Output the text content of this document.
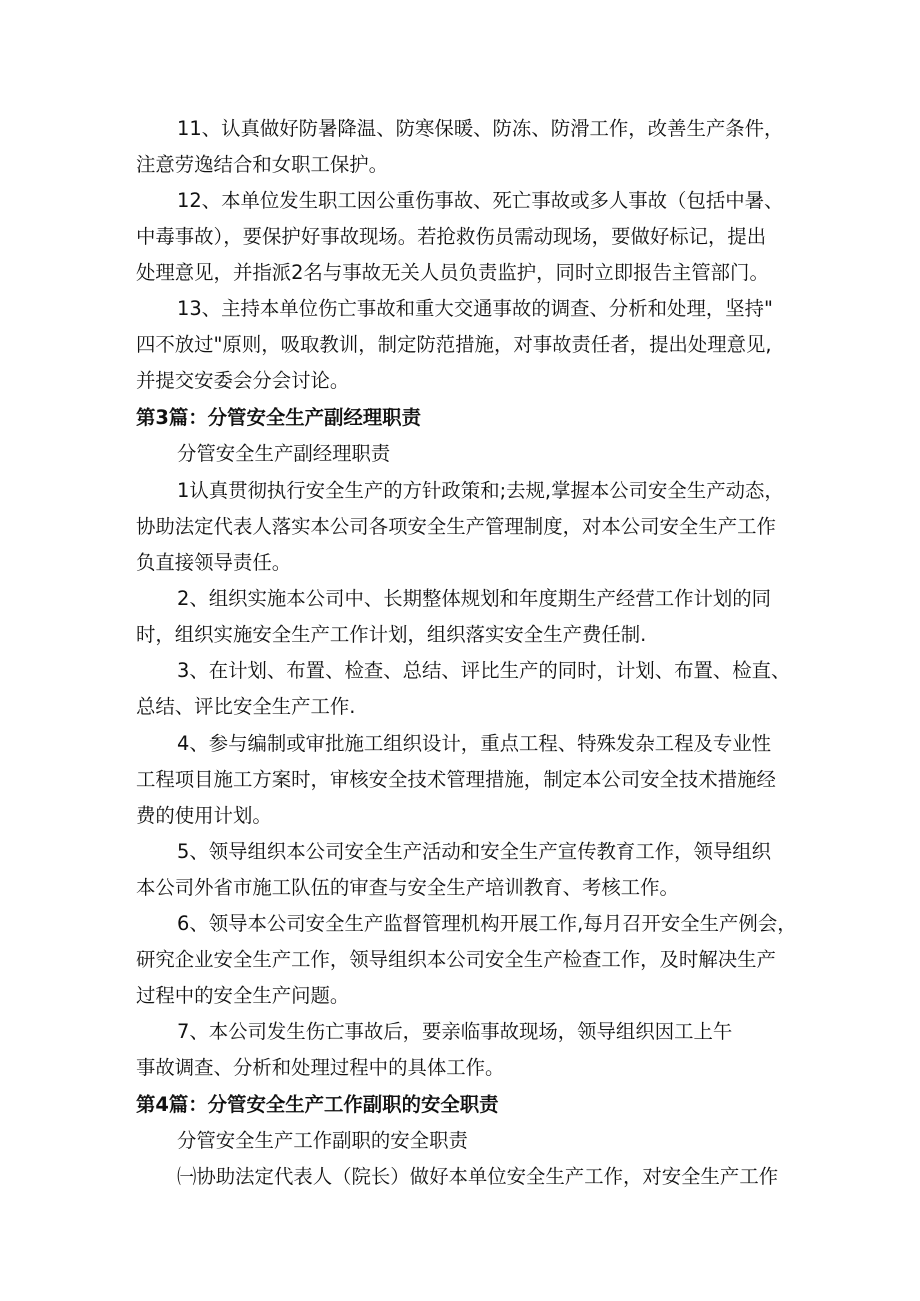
11、认真做好防暑降温、防寒保暖、防冻、防滑工作，改善生产条件，
注意劳逸结合和女职工保护。
12、本单位发生职工因公重伤事故、死亡事故或多人事故（包括中暑、
中毒事故），要保护好事故现场。若抢救伤员需动现场，要做好标记，提出
处理意见，并指派2名与事故无关人员负责监护，同时立即报告主管部门。
13、主持本单位伤亡事故和重大交通事故的调查、分析和处理，坚持"
四不放过"原则，吸取教训，制定防范措施，对事故责任者，提出处理意见,
并提交安委会分会讨论。
第3篇：分管安全生产副经理职责
分管安全生产副经理职责
1认真贯彻执行安全生产的方针政策和;去规,掌握本公司安全生产动态，
协助法定代表人落实本公司各项安全生产管理制度，对本公司安全生产工作
负直接领导责任。
2、组织实施本公司中、长期整体规划和年度期生产经营工作计划的同
时，组织实施安全生产工作计划，组织落实安全生产费任制.
3、在计划、布置、检查、总结、评比生产的同时，计划、布置、检直、
总结、评比安全生产工作.
4、参与编制或审批施工组织设计，重点工程、特殊发杂工程及专业性
工程项目施工方案时，审核安全技术管理措施，制定本公司安全技术措施经
费的使用计划。
5、领导组织本公司安全生产活动和安全生产宣传教育工作，领导组织
本公司外省市施工队伍的审查与安全生产培训教育、考核工作。
6、领导本公司安全生产监督管理机构开展工作,每月召开安全生产例会，
研究企业安全生产工作，领导组织本公司安全生产检查工作，及时解决生产
过程中的安全生产问题。
7、本公司发生伤亡事故后，要亲临事故现场，领导组织因工上午
事故调查、分析和处理过程中的具体工作。
第4篇：分管安全生产工作副职的安全职责
分管安全生产工作副职的安全职责
㈠协助法定代表人（院长）做好本单位安全生产工作，对安全生产工作
